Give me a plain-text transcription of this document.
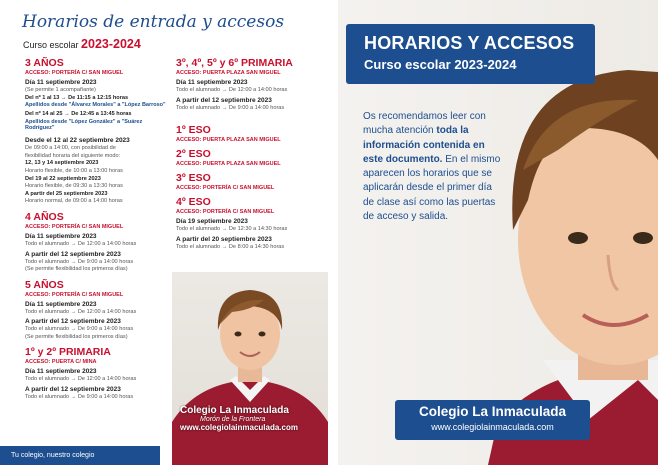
Horarios de entrada y accesos
Curso escolar 2023-2024
3 AÑOS
ACCESO: PORTERÍA C/ SAN MIGUEL
Día 11 septiembre 2023
(Se permite 1 acompañante)
Del nº 1 al 13 → De 11:15 a 12:15 horas
Apellidos desde "Álvarez Morales" a "López Barroso"
Del nº 14 al 25 → De 12:45 a 13:45 horas
Apellidos desde "López González" a "Suárez Rodríguez"
Desde el 12 al 22 septiembre 2023
De 09:00 a 14:00, con posibilidad de
flexibilidad horaria del siguiente modo:
12, 13 y 14 septiembre 2023
Horario flexible, de 10:00 a 13:00 horas
Del 19 al 22 septiembre 2023
Horario flexible, de 09:30 a 13:30 horas
A partir del 25 septiembre 2023
Horario normal, de 09:00 a 14:00 horas
4 AÑOS
ACCESO: PORTERÍA C/ SAN MIGUEL
Día 11 septiembre 2023
Todo el alumnado → De 12:00 a 14:00 horas
A partir del 12 septiembre 2023
Todo el alumnado → De 9:00 a 14:00 horas
(Se permite flexibilidad los primeros días)
5 AÑOS
ACCESO: PORTERÍA C/ SAN MIGUEL
Día 11 septiembre 2023
Todo el alumnado → De 12:00 a 14:00 horas
A partir del 12 septiembre 2023
Todo el alumnado → De 9:00 a 14:00 horas
(Se permite flexibilidad los primeros días)
1º y 2º PRIMARIA
ACCESO: PUERTA C/ MINA
Día 11 septiembre 2023
Todo el alumnado → De 12:00 a 14:00 horas
A partir del 12 septiembre 2023
Todo el alumnado → De 9:00 a 14:00 horas
3º, 4º, 5º y 6º PRIMARIA
ACCESO: PUERTA PLAZA SAN MIGUEL
Día 11 septiembre 2023
Todo el alumnado → De 12:00 a 14:00 horas
A partir del 12 septiembre 2023
Todo el alumnado → De 9:00 a 14:00 horas
1º ESO
ACCESO: PUERTA PLAZA SAN MIGUEL
2º ESO
ACCESO: PUERTA PLAZA SAN MIGUEL
3º ESO
ACCESO: PORTERÍA C/ SAN MIGUEL
4º ESO
ACCESO: PORTERÍA C/ SAN MIGUEL
Día 19 septiembre 2023
Todo el alumnado → De 12:30 a 14:30 horas
A partir del 20 septiembre 2023
Todo el alumnado → De 8:00 a 14:30 horas
Colegio La Inmaculada
Morón de la Frontera
www.colegiolainmaculada.com
Tu colegio, nuestro colegio
HORARIOS Y ACCESOS
Curso escolar 2023-2024
Os recomendamos leer con mucha atención toda la información contenida en este documento. En el mismo aparecen los horarios que se aplicarán desde el primer día de clase así como las puertas de acceso y salida.
Colegio La Inmaculada
www.colegiolainmaculada.com
